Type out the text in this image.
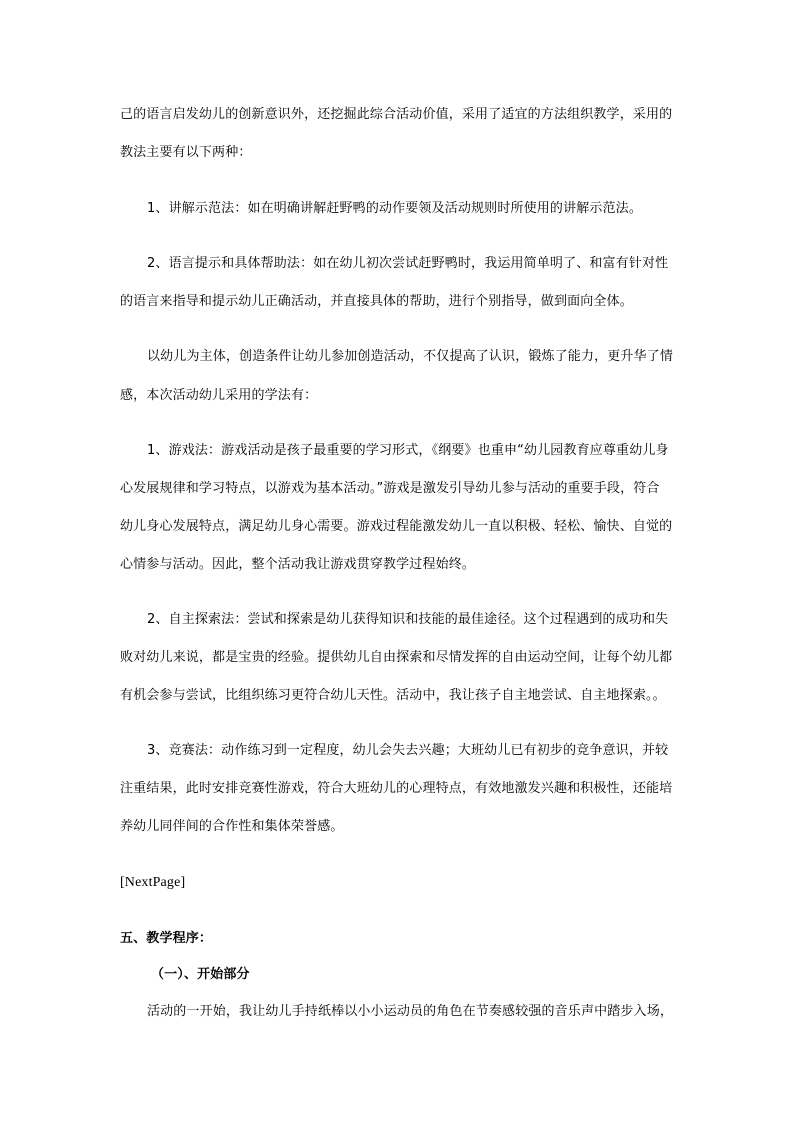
己的语言启发幼儿的创新意识外，还挖掘此综合活动价值，采用了适宜的方法组织教学，采用的
教法主要有以下两种：
1、讲解示范法：如在明确讲解赶野鸭的动作要领及活动规则时所使用的讲解示范法。
2、语言提示和具体帮助法：如在幼儿初次尝试赶野鸭时，我运用简单明了、和富有针对性
的语言来指导和提示幼儿正确活动，并直接具体的帮助，进行个别指导，做到面向全体。
以幼儿为主体，创造条件让幼儿参加创造活动，不仅提高了认识，锻炼了能力，更升华了情
感，本次活动幼儿采用的学法有：
1、游戏法：游戏活动是孩子最重要的学习形式，《纲要》也重申“幼儿园教育应尊重幼儿身
心发展规律和学习特点，以游戏为基本活动。”游戏是激发引导幼儿参与活动的重要手段，符合
幼儿身心发展特点，满足幼儿身心需要。游戏过程能激发幼儿一直以积极、轻松、愉快、自觉的
心情参与活动。因此，整个活动我让游戏贯穿教学过程始终。
2、自主探索法：尝试和探索是幼儿获得知识和技能的最佳途径。这个过程遇到的成功和失
败对幼儿来说，都是宝贵的经验。提供幼儿自由探索和尽情发挥的自由运动空间，让每个幼儿都
有机会参与尝试，比组织练习更符合幼儿天性。活动中，我让孩子自主地尝试、自主地探索。。
3、竞赛法：动作练习到一定程度，幼儿会失去兴趣；大班幼儿已有初步的竞争意识，并较
注重结果，此时安排竞赛性游戏，符合大班幼儿的心理特点，有效地激发兴趣和积极性，还能培
养幼儿同伴间的合作性和集体荣誉感。
[NextPage]
五、教学程序：
（一）、开始部分
活动的一开始，我让幼儿手持纸棒以小小运动员的角色在节奏感较强的音乐声中踏步入场，
